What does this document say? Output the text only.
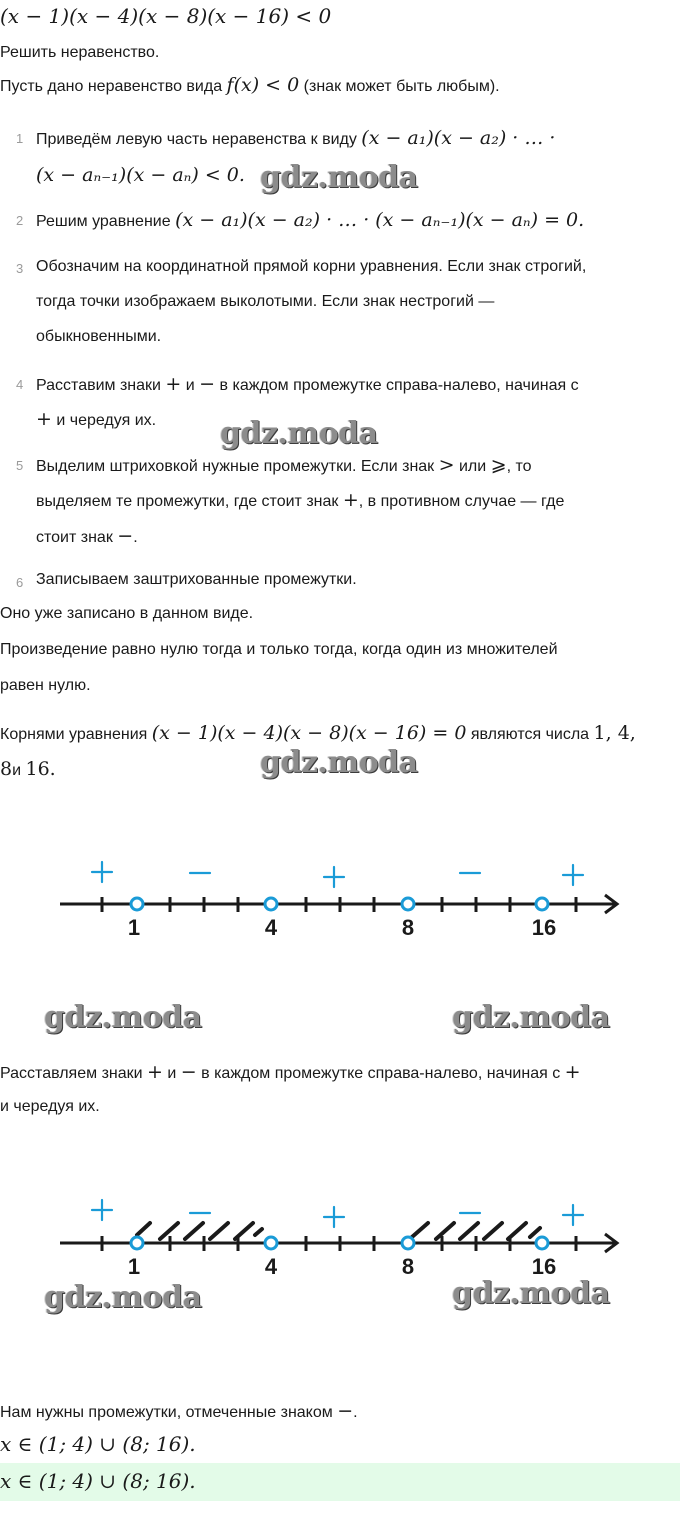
(x − 1)(x − 4)(x − 8)(x − 16) < 0
Решить неравенство.
Пусть дано неравенство вида f(x) < 0 (знак может быть любым).
1 Приведём левую часть неравенства к виду (x − a₁)(x − a₂) · … ·
(x − aₙ₋₁)(x − aₙ) < 0.
2 Решим уравнение (x − a₁)(x − a₂) · … · (x − aₙ₋₁)(x − aₙ) = 0.
3 Обозначим на координатной прямой корни уравнения. Если знак строгий,
тогда точки изображаем выколотыми. Если знак нестрогий —
обыкновенными.
4 Расставим знаки + и − в каждом промежутке справа-налево, начиная с
+ и чередуя их.
5 Выделим штриховкой нужные промежутки. Если знак > или ⩾, то
выделяем те промежутки, где стоит знак +, в противном случае — где
стоит знак −.
6 Записываем заштрихованные промежутки.
Оно уже записано в данном виде.
Произведение равно нулю тогда и только тогда, когда один из множителей
равен нулю.
Корнями уравнения (x − 1)(x − 4)(x − 8)(x − 16) = 0 являются числа 1, 4,
8и 16.
1	4	8	16
Расставляем знаки + и − в каждом промежутке справа-налево, начиная с +
и чередуя их.
1	4	8	16
Нам нужны промежутки, отмеченные знаком −.
x ∈ (1; 4) ∪ (8; 16).
x ∈ (1; 4) ∪ (8; 16).
gdz.moda
gdz.moda
gdz.moda
gdz.moda	gdz.moda
gdz.moda	gdz.moda
